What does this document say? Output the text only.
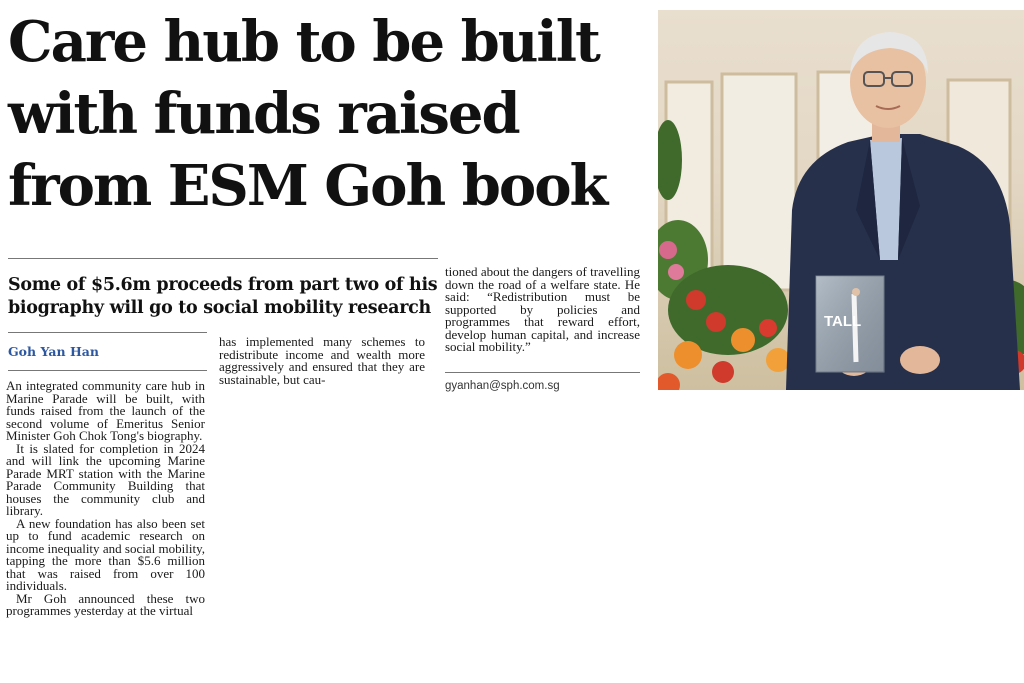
Care hub to be built with funds raised from ESM Goh book
Some of $5.6m proceeds from part two of his biography will go to social mobility research
Goh Yan Han

An integrated community care hub in Marine Parade will be built, with funds raised from the launch of the second volume of Emeritus Senior Minister Goh Chok Tong's biography.

It is slated for completion in 2024 and will link the upcoming Marine Parade MRT station with the Marine Parade Community Building that houses the community club and library.

A new foundation has also been set up to fund academic research on income inequality and social mobility, tapping the more than $5.6 million that was raised from over 100 individuals.

Mr Goh announced these two programmes yesterday at the virtual

has implemented many schemes to redistribute income and wealth more aggressively and ensured that they are sustainable, but cau-

tioned about the dangers of travelling down the road of a welfare state. He said: “Redistribution must be supported by policies and programmes that reward effort, develop human capital, and increase social mobility.”

gyanhan@sph.com.sg
TALL
